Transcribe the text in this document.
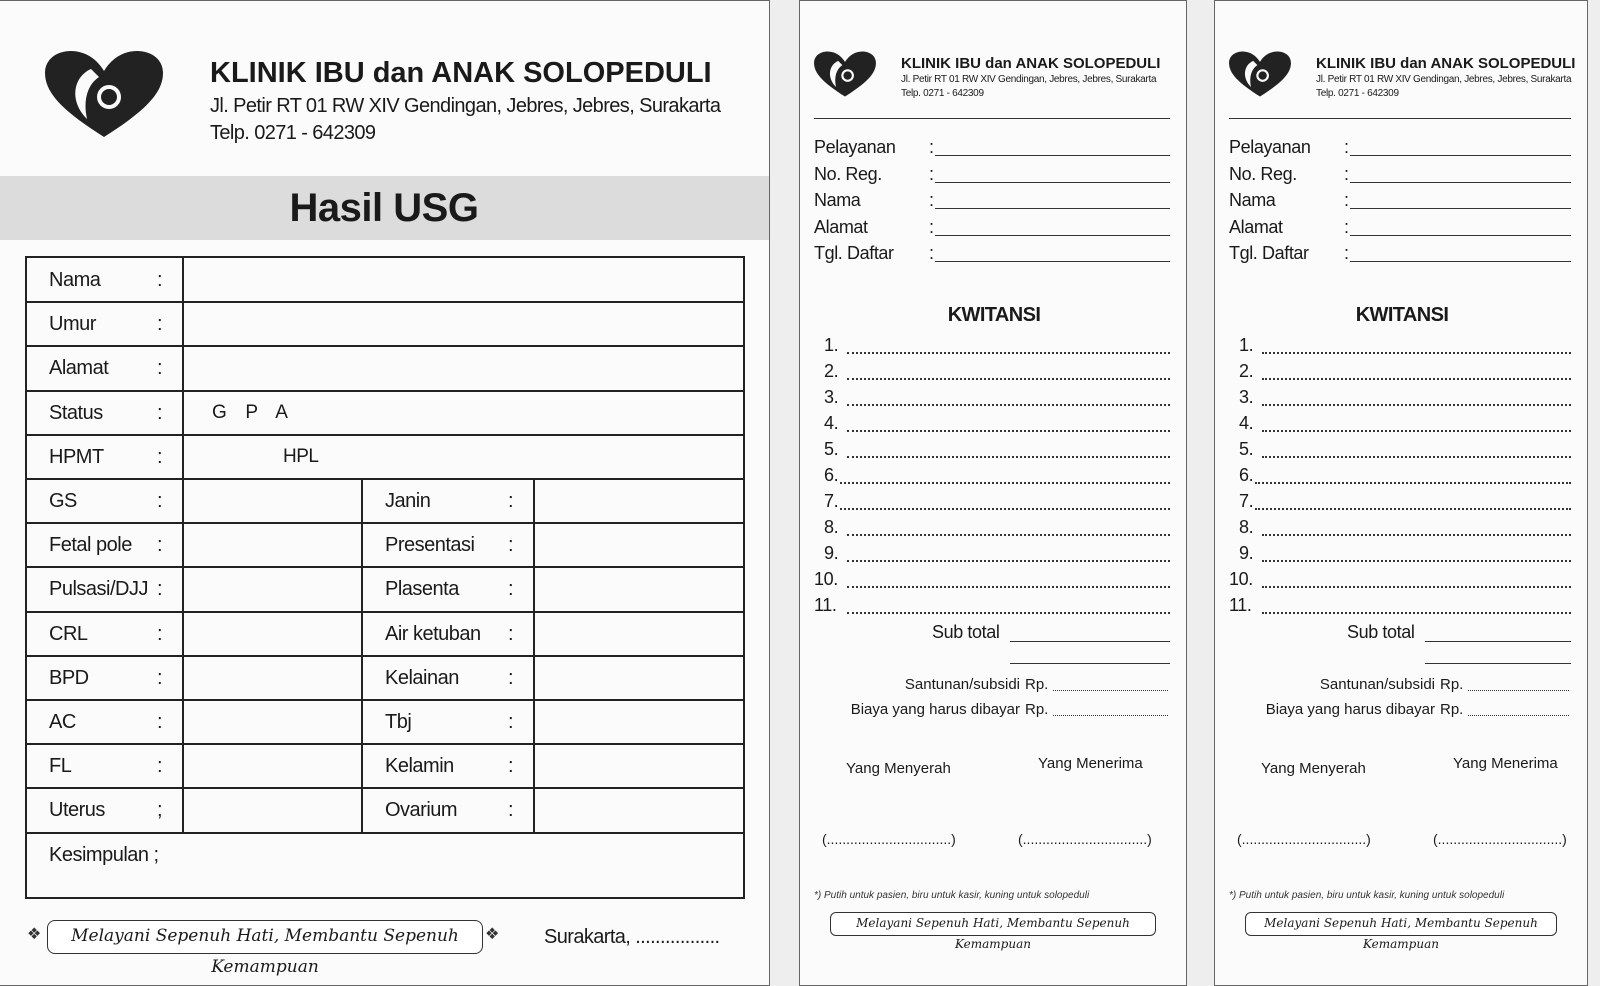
KLINIK IBU dan ANAK SOLOPEDULI
Jl. Petir RT 01 RW XIV Gendingan, Jebres, Jebres, Surakarta
Telp. 0271 - 642309
Hasil USG
Nama	:
Umur	:
Alamat :
Status	:	G    P    A
HPMT	:	HPL
GS	:	Janin	:
Fetal pole :	Presentasi :
Pulsasi/DJJ :	Plasenta :
CRL	:	Air ketuban :
BPD	:	Kelainan :
AC	:	Tbj	:
FL	:	Kelamin	:
Uterus	;	Ovarium	:
Kesimpulan ;
❖	Melayani Sepenuh Hati, Membantu Sepenuh Kemampuan
❖ Surakarta, .................
KLINIK IBU dan ANAK SOLOPEDULI
Jl. Petir RT 01 RW XIV Gendingan, Jebres, Jebres, Surakarta
Telp. 0271 - 642309
Pelayanan :
No. Reg.	:
Nama	:
Alamat	:
Tgl. Daftar :
KWITANSI
1.
2.
3.
4.
5.
6.
7.
8.
9.
10.
11.
Sub total
Santunan/subsidi Rp.
Biaya yang harus dibayar Rp.
Yang Menyerah	Yang Menerima
(................................)	(................................)
*) Putih untuk pasien, biru untuk kasir, kuning untuk solopeduli
Melayani Sepenuh Hati, Membantu Sepenuh Kemampuan
KLINIK IBU dan ANAK SOLOPEDULI
Jl. Petir RT 01 RW XIV Gendingan, Jebres, Jebres, Surakarta
Telp. 0271 - 642309
Pelayanan :
No. Reg.	:
Nama	:
Alamat	:
Tgl. Daftar :
KWITANSI
1.
2.
3.
4.
5.
6.
7.
8.
9.
10.
11.
Sub total
Santunan/subsidi Rp.
Biaya yang harus dibayar Rp.
Yang Menyerah	Yang Menerima
(................................)	(................................)
*) Putih untuk pasien, biru untuk kasir, kuning untuk solopeduli
Melayani Sepenuh Hati, Membantu Sepenuh Kemampuan
